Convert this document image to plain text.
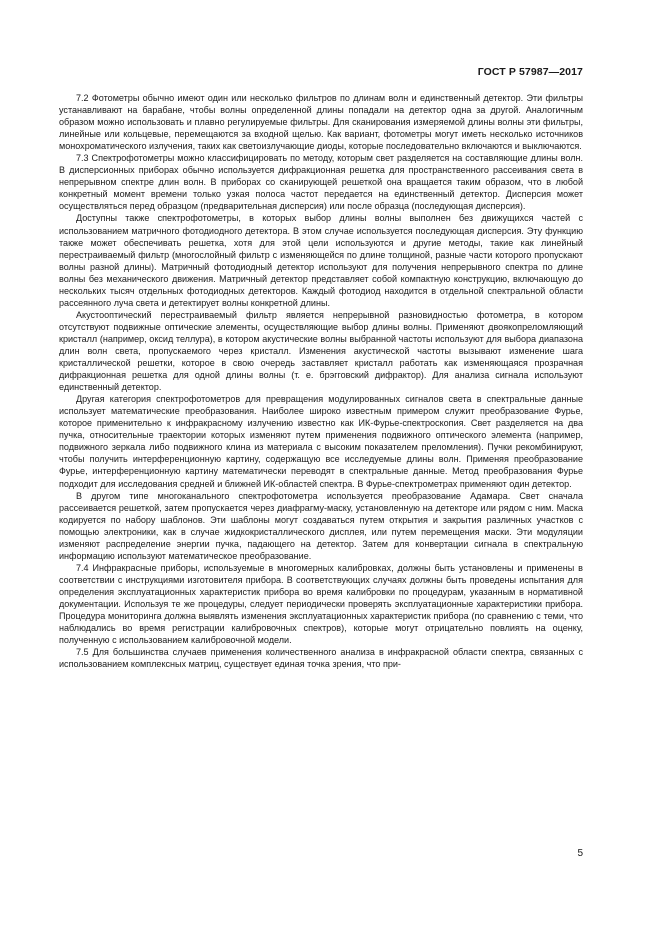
ГОСТ Р 57987—2017

7.2 Фотометры обычно имеют один или несколько фильтров по длинам волн и единственный детектор. Эти фильтры устанавливают на барабане, чтобы волны определенной длины попадали на детектор одна за другой. Аналогичным образом можно использовать и плавно регулируемые фильтры. Для сканирования измеряемой длины волны эти фильтры, линейные или кольцевые, перемещаются за входной щелью. Как вариант, фотометры могут иметь несколько источников монохроматического излучения, таких как светоизлучающие диоды, которые последовательно включаются и выключаются.

7.3 Спектрофотометры можно классифицировать по методу, которым свет разделяется на составляющие длины волн. В дисперсионных приборах обычно используется дифракционная решетка для пространственного рассеивания света в непрерывном спектре длин волн. В приборах со сканирующей решеткой она вращается таким образом, что в любой конкретный момент времени только узкая полоса частот передается на единственный детектор. Дисперсия может осуществляться перед образцом (предварительная дисперсия) или после образца (последующая дисперсия).

Доступны также спектрофотометры, в которых выбор длины волны выполнен без движущихся частей с использованием матричного фотодиодного детектора. В этом случае используется последующая дисперсия. Эту функцию также может обеспечивать решетка, хотя для этой цели используются и другие методы, такие как линейный перестраиваемый фильтр (многослойный фильтр с изменяющейся по длине толщиной, разные части которого пропускают волны разной длины). Матричный фотодиодный детектор используют для получения непрерывного спектра по длине волны без механического движения. Матричный детектор представляет собой компактную конструкцию, включающую до нескольких тысяч отдельных фотодиодных детекторов. Каждый фотодиод находится в отдельной спектральной области рассеянного луча света и детектирует волны конкретной длины.

Акустооптический перестраиваемый фильтр является непрерывной разновидностью фотометра, в котором отсутствуют подвижные оптические элементы, осуществляющие выбор длины волны. Применяют двоякопреломляющий кристалл (например, оксид теллура), в котором акустические волны выбранной частоты используют для выбора диапазона длин волн света, пропускаемого через кристалл. Изменения акустической частоты вызывают изменение шага кристаллической решетки, которое в свою очередь заставляет кристалл работать как изменяющаяся прозрачная дифракционная решетка для одной длины волны (т. е. брэгговский дифрактор). Для анализа сигнала используют единственный детектор.

Другая категория спектрофотометров для превращения модулированных сигналов света в спектральные данные использует математические преобразования. Наиболее широко известным примером служит преобразование Фурье, которое применительно к инфракрасному излучению известно как ИК-Фурье-спектроскопия. Свет разделяется на два пучка, относительные траектории которых изменяют путем применения подвижного оптического элемента (например, подвижного зеркала либо подвижного клина из материала с высоким показателем преломления). Пучки рекомбинируют, чтобы получить интерференционную картину, содержащую все исследуемые длины волн. Применяя преобразование Фурье, интерференционную картину математически переводят в спектральные данные. Метод преобразования Фурье подходит для исследования средней и ближней ИК-областей спектра. В Фурье-спектрометрах применяют один детектор.

В другом типе многоканального спектрофотометра используется преобразование Адамара. Свет сначала рассеивается решеткой, затем пропускается через диафрагму-маску, установленную на детекторе или рядом с ним. Маска кодируется по набору шаблонов. Эти шаблоны могут создаваться путем открытия и закрытия различных участков с помощью электроники, как в случае жидкокристаллического дисплея, или путем перемещения маски. Эти модуляции изменяют распределение энергии пучка, падающего на детектор. Затем для конвертации сигнала в спектральную информацию используют математическое преобразование.

7.4 Инфракрасные приборы, используемые в многомерных калибровках, должны быть установлены и применены в соответствии с инструкциями изготовителя прибора. В соответствующих случаях должны быть проведены испытания для определения эксплуатационных характеристик прибора во время калибровки по процедурам, указанным в нормативной документации. Используя те же процедуры, следует периодически проверять эксплуатационные характеристики прибора. Процедура мониторинга должна выявлять изменения эксплуатационных характеристик прибора (по сравнению с теми, что наблюдались во время регистрации калибровочных спектров), которые могут отрицательно повлиять на оценку, полученную с использованием калибровочной модели.

7.5 Для большинства случаев применения количественного анализа в инфракрасной области спектра, связанных с использованием комплексных матриц, существует единая точка зрения, что при-

5
